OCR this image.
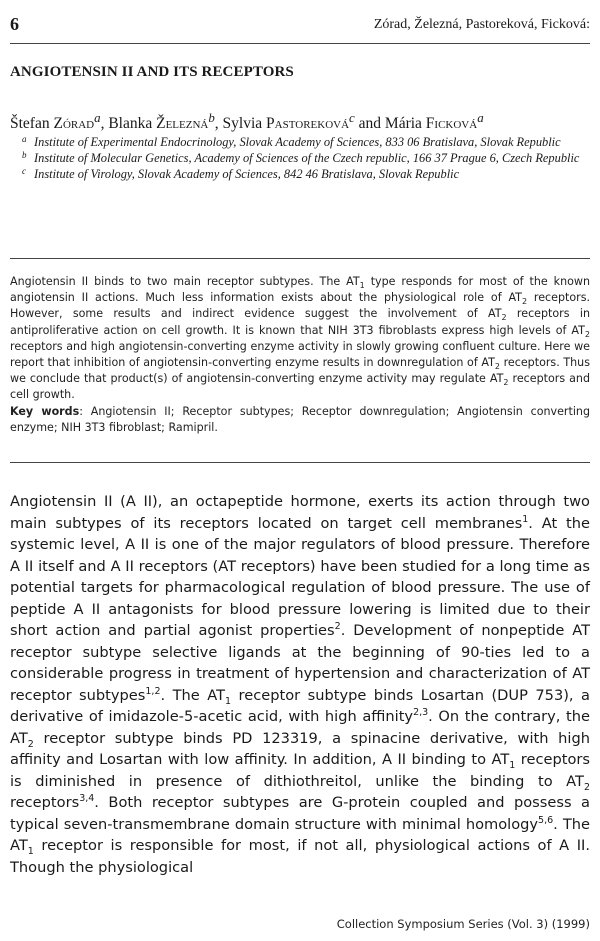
6	Zórad, Železná, Pastoreková, Ficková:
ANGIOTENSIN II AND ITS RECEPTORS
Štefan Zórad$^a$, Blanka Železná$^b$, Sylvia Pastoreková$^c$ and Mária Ficková$^a$
a Institute of Experimental Endocrinology, Slovak Academy of Sciences, 833 06 Bratislava, Slovak Republic
b Institute of Molecular Genetics, Academy of Sciences of the Czech republic, 166 37 Prague 6, Czech Republic
c Institute of Virology, Slovak Academy of Sciences, 842 46 Bratislava, Slovak Republic
Angiotensin II binds to two main receptor subtypes. The $AT_1$ type responds for most of the known angiotensin II actions. Much less information exists about the physiological role of $AT_2$ receptors. However, some results and indirect evidence suggest the involvement of $AT_2$ receptors in antiproliferative action on cell growth. It is known that NIH 3T3 fibroblasts express high levels of $AT_2$ receptors and high angiotensin-converting enzyme activity in slowly growing confluent culture. Here we report that inhibition of angiotensin-converting enzyme results in downregulation of $AT_2$ receptors. Thus we conclude that product(s) of angiotensin-converting enzyme activity may regulate $AT_2$ receptors and cell growth.
Key words: Angiotensin II; Receptor subtypes; Receptor downregulation; Angiotensin converting enzyme; NIH 3T3 fibroblast; Ramipril.
Angiotensin II (A II), an octapeptide hormone, exerts its action through two main subtypes of its receptors located on target cell membranes$^1$. At the systemic level, A II is one of the major regulators of blood pressure. Therefore A II itself and A II receptors (AT receptors) have been studied for a long time as potential targets for pharmacological regulation of blood pressure. The use of peptide A II antagonists for blood pressure lowering is limited due to their short action and partial agonist properties$^2$. Development of nonpeptide AT receptor subtype selective ligands at the beginning of 90-ties led to a considerable progress in treatment of hypertension and characterization of AT receptor subtypes$^{1,2}$. The $AT_1$ receptor subtype binds Losartan (DUP 753), a derivative of imidazole-5-acetic acid, with high affinity$^{2,3}$. On the contrary, the $AT_2$ receptor subtype binds PD 123319, a spinacine derivative, with high affinity and Losartan with low affinity. In addition, A II binding to $AT_1$ receptors is diminished in presence of dithiothreitol, unlike the binding to $AT_2$ receptors$^{3,4}$. Both receptor subtypes are G-protein coupled and possess a typical seven-transmembrane domain structure with minimal homology$^{5,6}$. The $AT_1$ receptor is responsible for most, if not all, physiological actions of A II. Though the physiological
Collection Symposium Series (Vol. 3) (1999)
